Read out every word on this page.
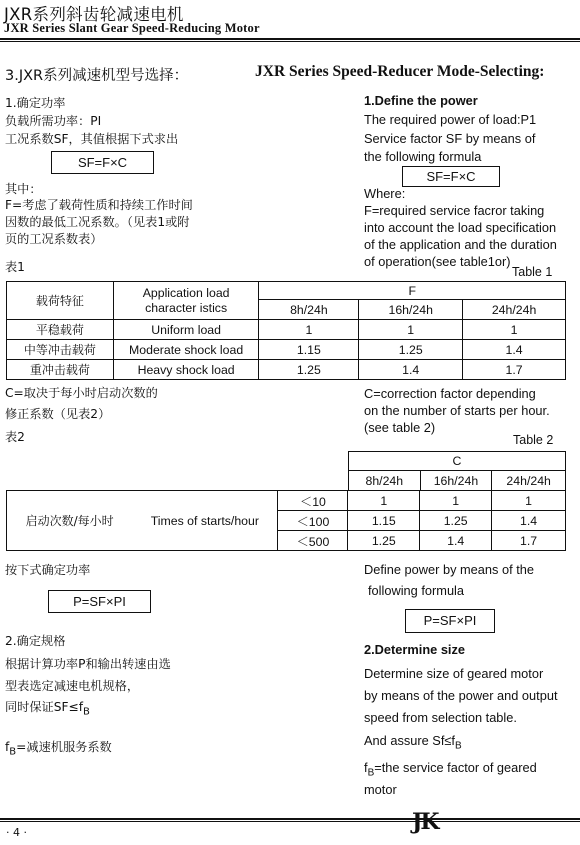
JXR系列斜齿轮减速电机
JXR Series Slant Gear Speed-Reducing Motor
3.JXR系列减速机型号选择：	JXR Series Speed-Reducer Mode-Selecting:
1.确定功率
负载所需功率：PI
工况系数SF，其值根据下式求出
SF=F×C
其中：
F=考虑了载荷性质和持续工作时间
因数的最低工况系数。（见表1或附
页的工况系数表）
表1
1.Define the power
The required power of load:P1
Service factor SF by means of
the following formula
SF=F×C
Where:
F=required service facror taking
into account the load specification
of the application and the duration
of operation(see table1or)
Table 1
载荷特征	Application load
character istics	F		
		8h/24h	16h/24h	24h/24h
平稳载荷	Uniform load	1	1	1
中等冲击载荷	Moderate shock load	1.15	1.25	1.4
重冲击载荷	Heavy shock load	1.25	1.4	1.7
C=取决于每小时启动次数的
修正系数（见表2）
表2
C=correction factor depending
on the number of starts per hour.
(see table 2)
Table 2
C
8h/24h	16h/24h	24h/24h
启动次数/每小时	Times of starts/hour	＜10	1	1	1
		＜100	1.15	1.25	1.4
		＜500	1.25	1.4	1.7
按下式确定功率
P=SF×PI
Define power by means of the
following formula
P=SF×PI
2.确定规格
根据计算功率P和输出转速由选
型表选定减速电机规格，
同时保证$SF\le f_B$
$f_B=$减速机服务系数
2.Determine size
Determine size of geared motor
by means of the power and output
speed from selection table.
And assure $Sf\le f_B$
$f_B=the$ service factor of geared
motor
· 4 ·	JK
